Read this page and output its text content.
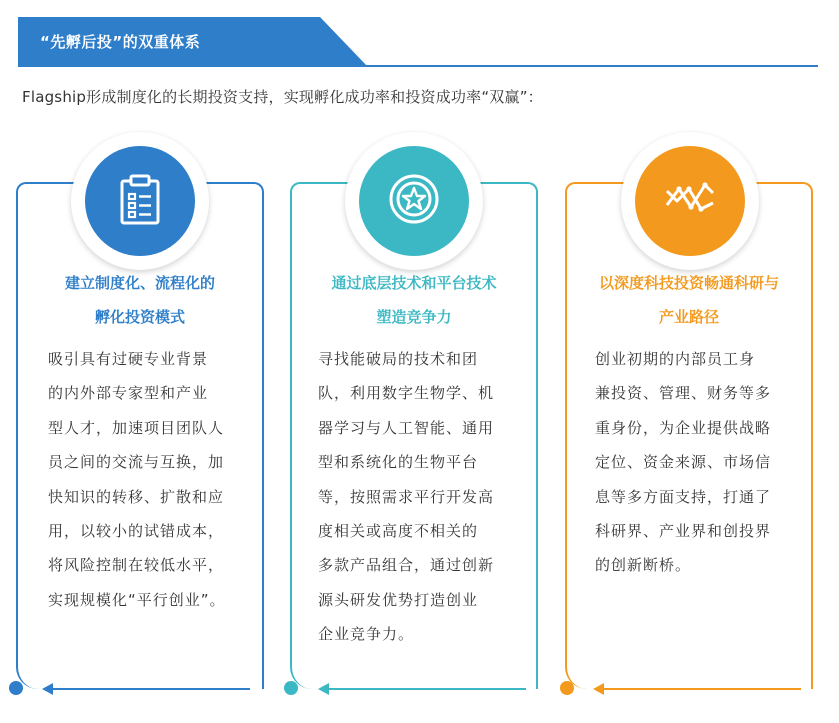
“先孵后投”的双重体系
Flagship形成制度化的长期投资支持，实现孵化成功率和投资成功率“双赢”：
建立制度化、流程化的
孵化投资模式
吸引具有过硬专业背景
的内外部专家型和产业
型人才，加速项目团队人
员之间的交流与互换，加
快知识的转移、扩散和应
用，以较小的试错成本，
将风险控制在较低水平，
实现规模化“平行创业”。
通过底层技术和平台技术
塑造竞争力
寻找能破局的技术和团
队，利用数字生物学、机
器学习与人工智能、通用
型和系统化的生物平台
等，按照需求平行开发高
度相关或高度不相关的
多款产品组合，通过创新
源头研发优势打造创业
企业竞争力。
以深度科技投资畅通科研与
产业路径
创业初期的内部员工身
兼投资、管理、财务等多
重身份，为企业提供战略
定位、资金来源、市场信
息等多方面支持，打通了
科研界、产业界和创投界
的创新断桥。
